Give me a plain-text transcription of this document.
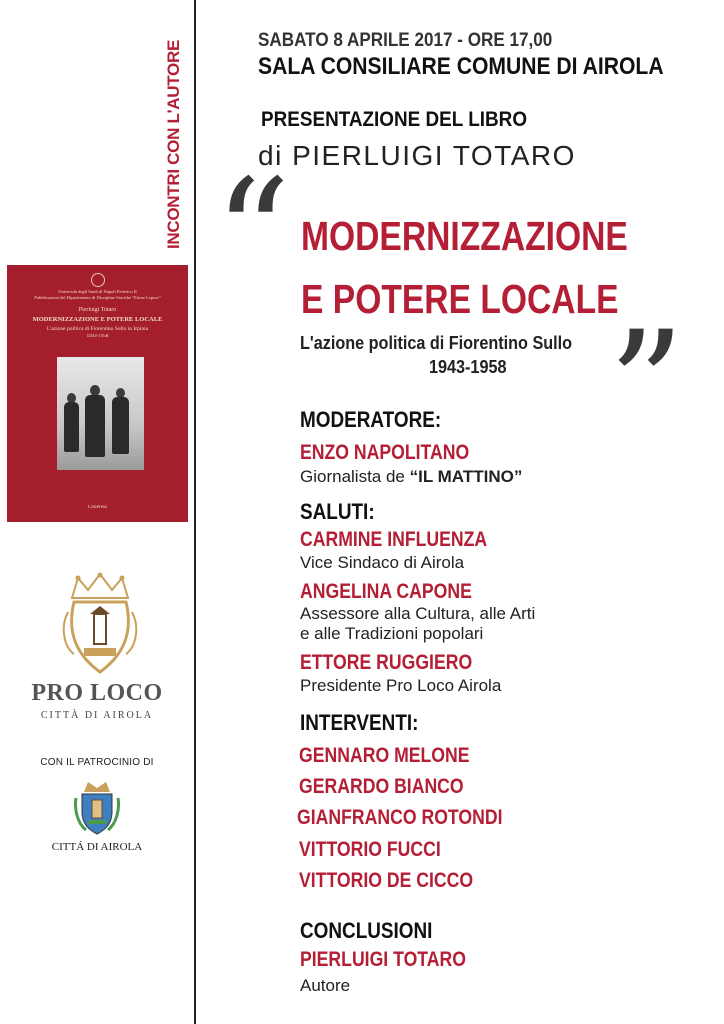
INCONTRI CON L'AUTORE
Università degli Studi di Napoli Federico II
Pubblicazioni del Dipartimento di Discipline Storiche "Ettore Lepore"
Pierluigi Totaro
MODERNIZZAZIONE E POTERE LOCALE
L'azione politica di Fiorentino Sullo in Irpinia
1943-1958
ClioPress
PRO LOCO
CITTÀ DI AIROLA
CON IL PATROCINIO DI
CITTÁ DI AIROLA
SABATO 8 APRILE 2017 - ORE 17,00
SALA CONSILIARE COMUNE DI AIROLA
PRESENTAZIONE DEL LIBRO
di PIERLUIGI TOTARO
“ MODERNIZZAZIONE
E POTERE LOCALE
L'azione politica di Fiorentino Sullo
1943-1958 ”
MODERATORE:
ENZO NAPOLITANO
Giornalista de “IL MATTINO”
SALUTI:
CARMINE INFLUENZA
Vice Sindaco di Airola
ANGELINA CAPONE
Assessore alla Cultura, alle Arti
e alle Tradizioni popolari
ETTORE RUGGIERO
Presidente Pro Loco Airola
INTERVENTI:
GENNARO MELONE
GERARDO BIANCO
GIANFRANCO ROTONDI
VITTORIO FUCCI
VITTORIO DE CICCO
CONCLUSIONI
PIERLUIGI TOTARO
Autore
